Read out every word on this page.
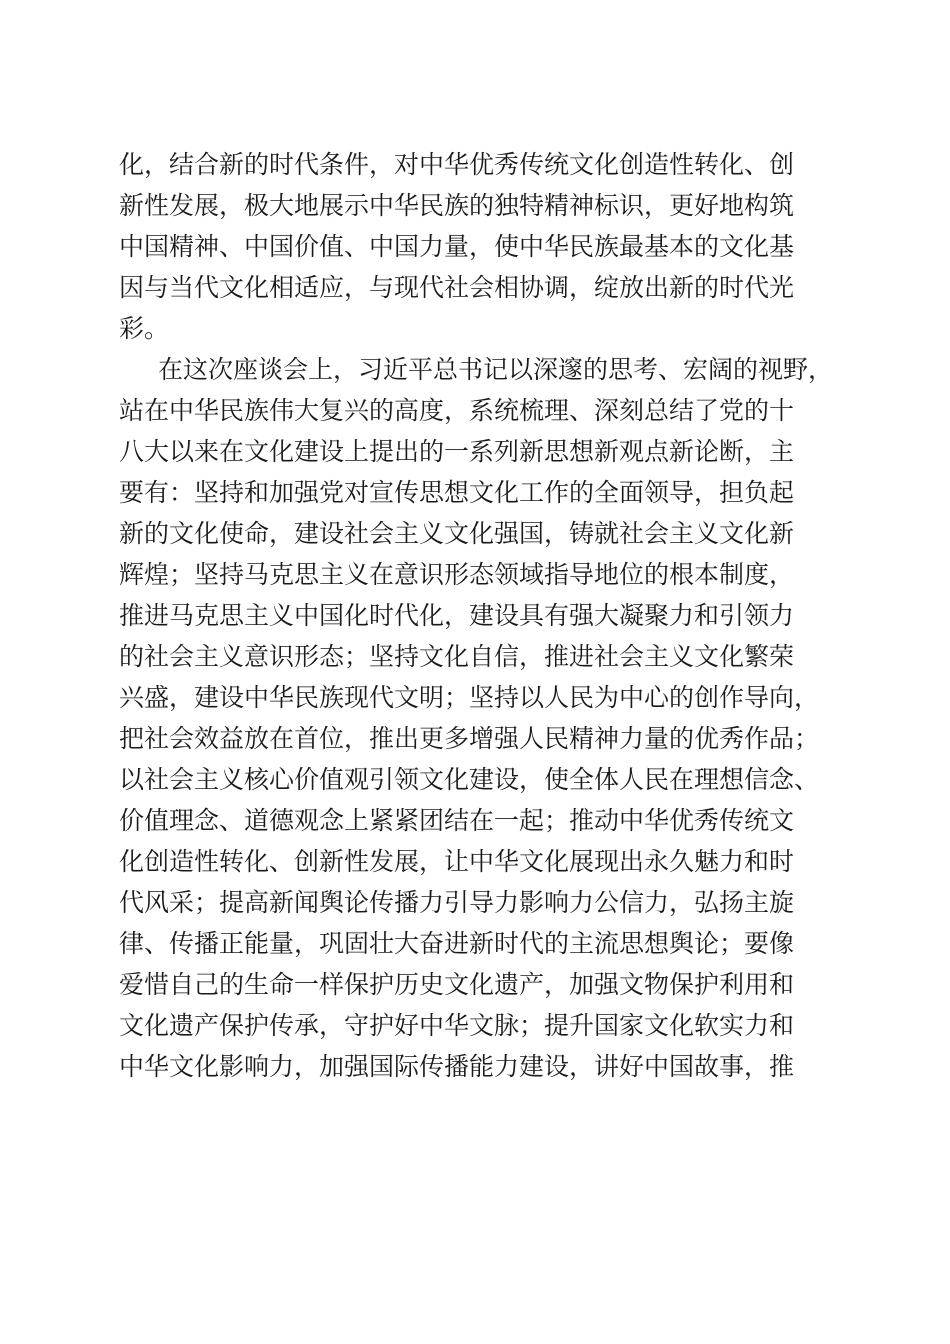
化，结合新的时代条件，对中华优秀传统文化创造性转化、创
新性发展，极大地展示中华民族的独特精神标识，更好地构筑
中国精神、中国价值、中国力量，使中华民族最基本的文化基
因与当代文化相适应，与现代社会相协调，绽放出新的时代光
彩。
在这次座谈会上，习近平总书记以深邃的思考、宏阔的视野，
站在中华民族伟大复兴的高度，系统梳理、深刻总结了党的十
八大以来在文化建设上提出的一系列新思想新观点新论断，主
要有：坚持和加强党对宣传思想文化工作的全面领导，担负起
新的文化使命，建设社会主义文化强国，铸就社会主义文化新
辉煌；坚持马克思主义在意识形态领域指导地位的根本制度，
推进马克思主义中国化时代化，建设具有强大凝聚力和引领力
的社会主义意识形态；坚持文化自信，推进社会主义文化繁荣
兴盛，建设中华民族现代文明；坚持以人民为中心的创作导向，
把社会效益放在首位，推出更多增强人民精神力量的优秀作品；
以社会主义核心价值观引领文化建设，使全体人民在理想信念、
价值理念、道德观念上紧紧团结在一起；推动中华优秀传统文
化创造性转化、创新性发展，让中华文化展现出永久魅力和时
代风采；提高新闻舆论传播力引导力影响力公信力，弘扬主旋
律、传播正能量，巩固壮大奋进新时代的主流思想舆论；要像
爱惜自己的生命一样保护历史文化遗产，加强文物保护利用和
文化遗产保护传承，守护好中华文脉；提升国家文化软实力和
中华文化影响力，加强国际传播能力建设，讲好中国故事，推
